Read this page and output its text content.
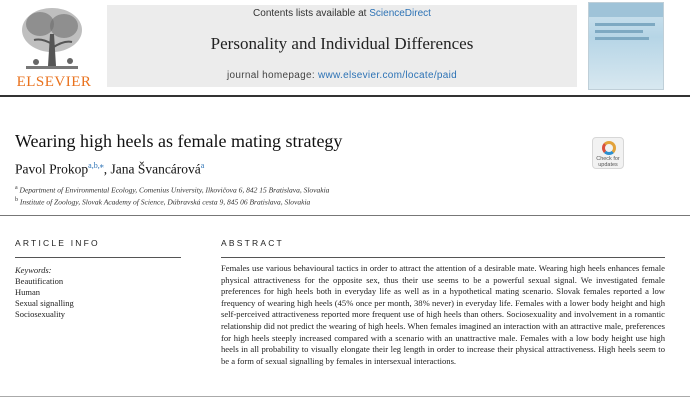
ELSEVIER
Contents lists available at ScienceDirect
Personality and Individual Differences
journal homepage: www.elsevier.com/locate/paid
Wearing high heels as female mating strategy
Pavol Prokop$^{a,b,⁎}$, Jana Švancárová$^a$
$^a$ Department of Environmental Ecology, Comenius University, Ilkovičova 6, 842 15 Bratislava, Slovakia
$^b$ Institute of Zoology, Slovak Academy of Science, Dúbravská cesta 9, 845 06 Bratislava, Slovakia
Check for updates
ARTICLE INFO
Keywords:
Beautification
Human
Sexual signalling
Sociosexuality
ABSTRACT

Females use various behavioural tactics in order to attract the attention of a desirable mate. Wearing high heels enhances female physical attractiveness for the opposite sex, thus their use seems to be a powerful sexual signal. We investigated female preferences for high heels both in everyday life as well as in a hypothetical mating scenario. Slovak females reported a low frequency of wearing high heels (45% once per month, 38% never) in everyday life. Females with a lower body height and high self-perceived attractiveness reported more frequent use of high heels than others. Sociosexuality and involvement in a romantic relationship did not predict the wearing of high heels. When females imagined an interaction with an attractive male, preferences for high heels steeply increased compared with a scenario with an unattractive male. Females with a low body height use high heels in all probability to visually elongate their leg length in order to increase their physical attractiveness. High heels seem to be a form of sexual signalling by females in intersexual interactions.
